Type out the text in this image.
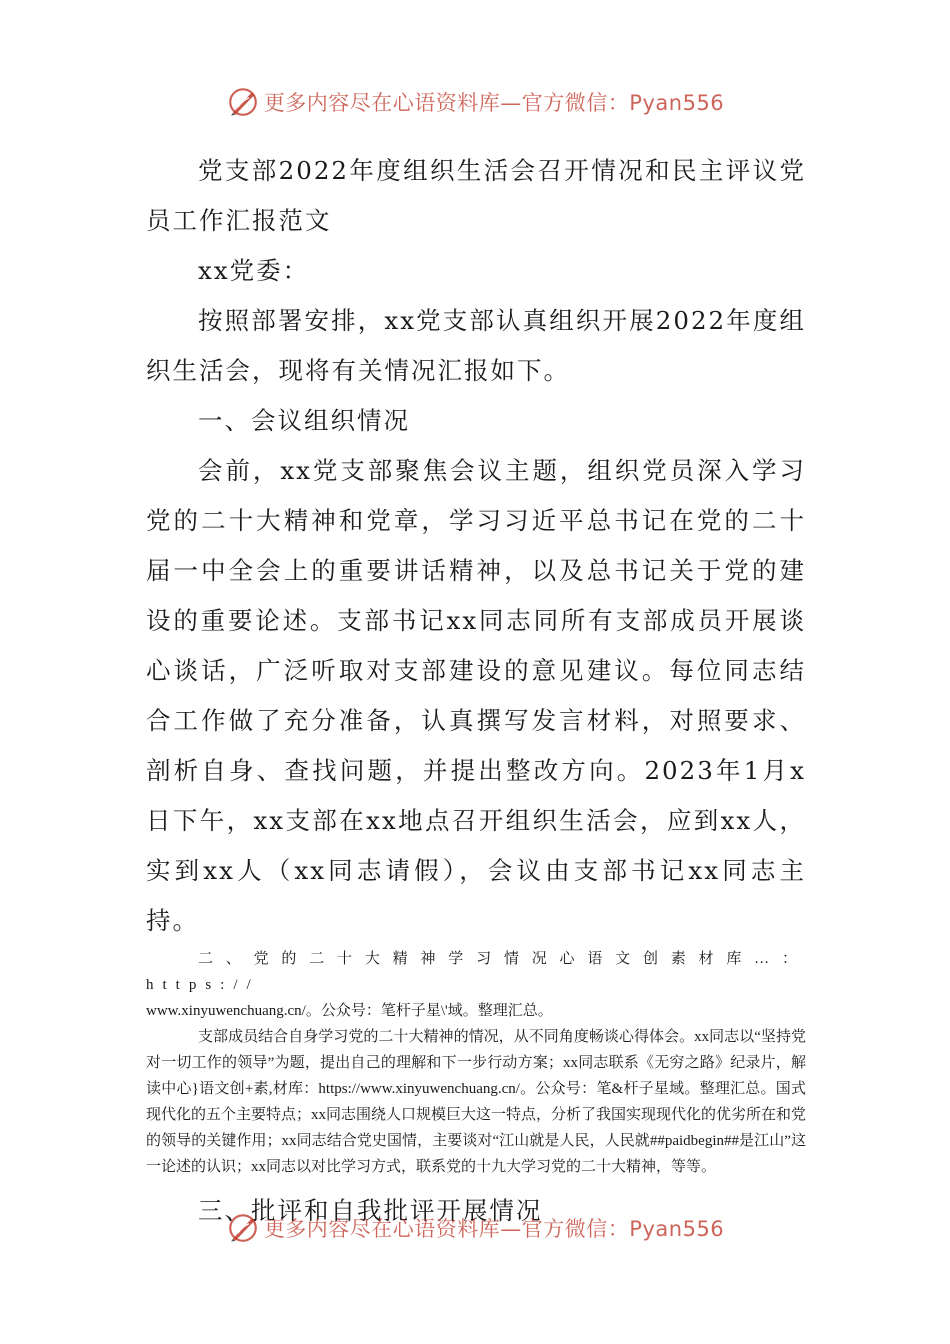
更多内容尽在心语资料库—官方微信：Pyan556

党支部2022年度组织生活会召开情况和民主评议党员工作汇报范文

xx党委：

按照部署安排，xx党支部认真组织开展2022年度组织生活会，现将有关情况汇报如下。

一、会议组织情况

会前，xx党支部聚焦会议主题，组织党员深入学习党的二十大精神和党章，学习习近平总书记在党的二十届一中全会上的重要讲话精神，以及总书记关于党的建设的重要论述。支部书记xx同志同所有支部成员开展谈心谈话，广泛听取对支部建设的意见建议。每位同志结合工作做了充分准备，认真撰写发言材料，对照要求、剖析自身、查找问题，并提出整改方向。2023年1月x日下午，xx支部在xx地点召开组织生活会，应到xx人，实到xx人（xx同志请假），会议由支部书记xx同志主持。

二、党的二十大精神学习情况心语文创素材库…：https://

www.xinyuwenchuang.cn/。公众号：笔杆子星\'域。整理汇总。

支部成员结合自身学习党的二十大精神的情况，从不同角度畅谈心得体会。xx同志以“坚持党对一切工作的领导”为题，提出自己的理解和下一步行动方案；xx同志联系《无穷之路》纪录片，解读中心}语文创+素,材库：https://www.xinyuwenchuang.cn/。公众号：笔&杆子星域。整理汇总。国式现代化的五个主要特点；xx同志围绕人口规模巨大这一特点，分析了我国实现现代化的优劣所在和党的领导的关键作用；xx同志结合党史国情，主要谈对“江山就是人民，人民就##paidbegin##是江山”这一论述的认识；xx同志以对比学习方式，联系党的十九大学习党的二十大精神，等等。

三、批评和自我批评开展情况

更多内容尽在心语资料库—官方微信：Pyan556
